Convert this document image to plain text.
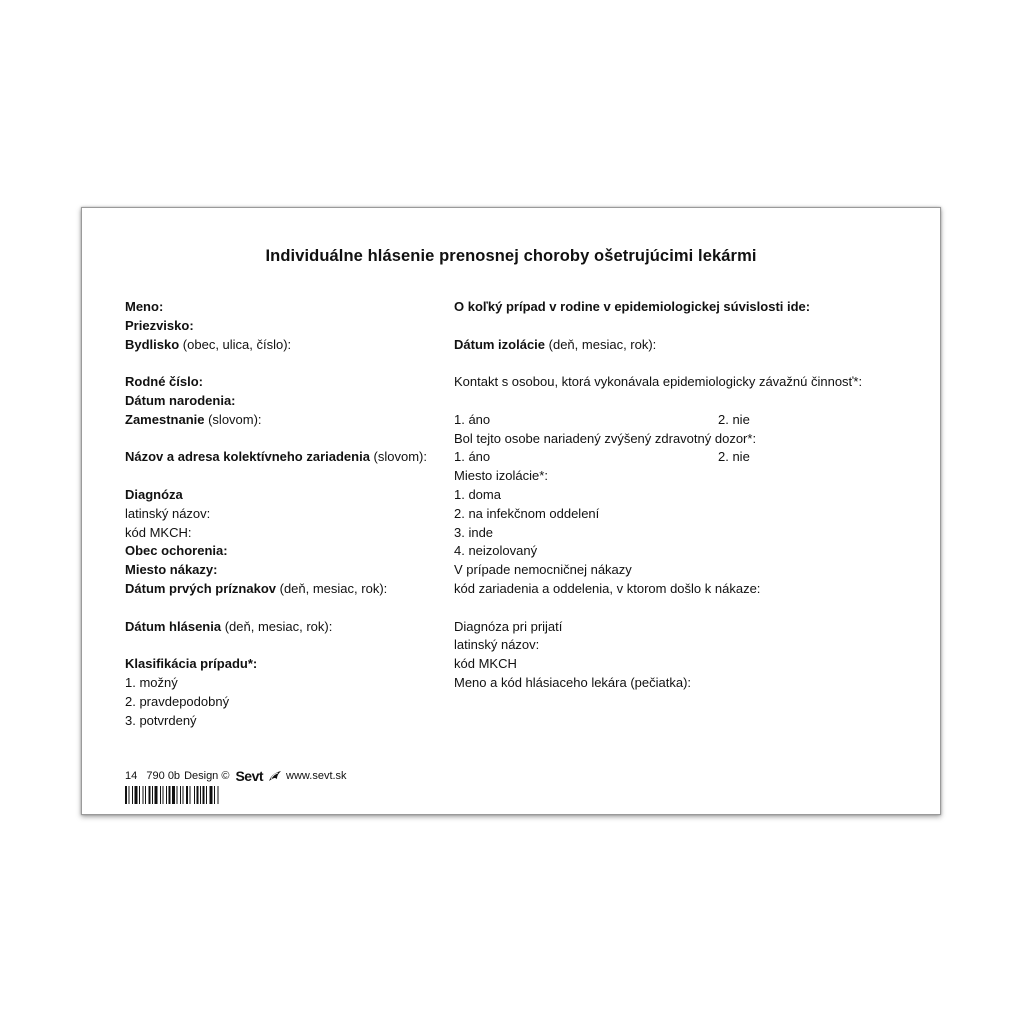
Individuálne hlásenie prenosnej choroby ošetrujúcimi lekármi
Meno:
Priezvisko:
Bydlisko (obec, ulica, číslo):
Rodné číslo:
Dátum narodenia:
Zamestnanie (slovom):
Názov a adresa kolektívneho zariadenia (slovom):
Diagnóza
latinský názov:
kód MKCH:
Obec ochorenia:
Miesto nákazy:
Dátum prvých príznakov (deň, mesiac, rok):
Dátum hlásenia (deň, mesiac, rok):
Klasifikácia prípadu*:
1. možný
2. pravdepodobný
3. potvrdený
O koľký prípad v rodine v epidemiologickej súvislosti ide:
Dátum izolácie (deň, mesiac, rok):
Kontakt s osobou, ktorá vykonávala epidemiologicky závažnú činnosť*:
1. áno	2. nie
Bol tejto osobe nariadený zvýšený zdravotný dozor*:
1. áno	2. nie
Miesto izolácie*:
1. doma
2. na infekčnom oddelení
3. inde
4. neizolovaný
V prípade nemocničnej nákazy
kód zariadenia a oddelenia, v ktorom došlo k nákaze:
Diagnóza pri prijatí
latinský názov:
kód MKCH
Meno a kód hlásiaceho lekára (pečiatka):
14   790 0b Design © Sevt www.sevt.sk
